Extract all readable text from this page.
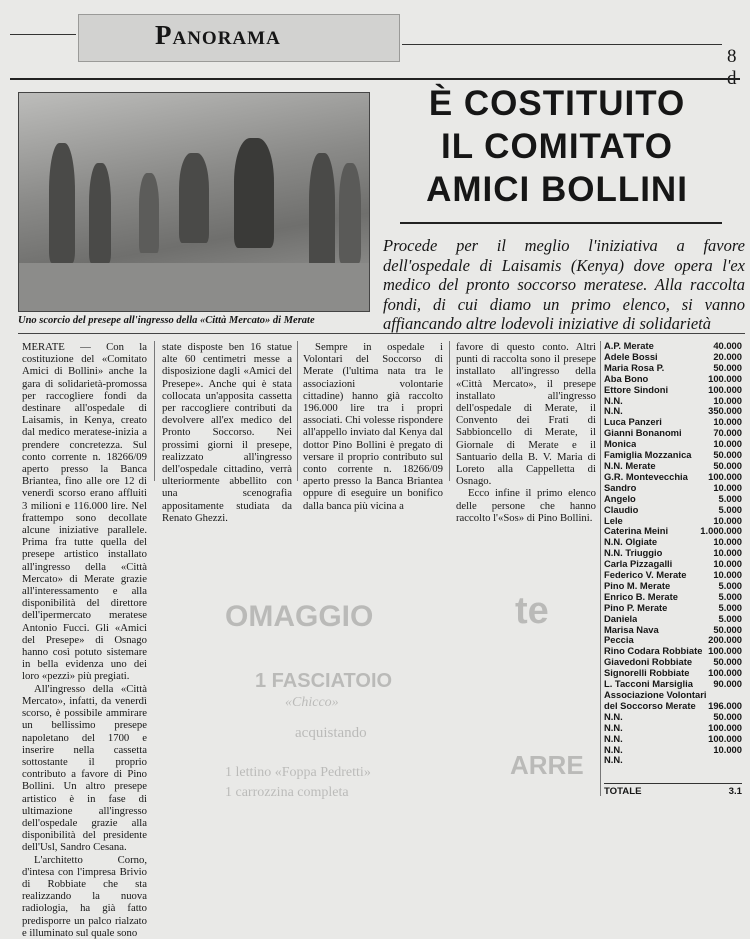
Panorama
8
Uno scorcio del presepe all'ingresso della «Città Mercato» di Merate
È COSTITUITO
IL COMITATO
AMICI BOLLINI
Procede per il meglio l'iniziativa a favore dell'ospedale di Laisamis (Kenya) dove opera l'ex medico del pronto soccorso meratese. Alla raccolta fondi, di cui diamo un primo elenco, si vanno affiancando altre lodevoli iniziative di solidarietà
OMAGGIO	te
1 FASCIATOIO
«Chicco»
acquistando
ARRE
1 lettino «Foppa Pedretti»
1 carrozzina completa

MERATE — Con la costituzione del «Comitato Amici di Bollini» anche la gara di solidarietà-promossa per raccogliere fondi da destinare all'ospedale di Laisamis, in Kenya, creato dal medico meratese-inizia a prendere concretezza. Sul conto corrente n. 18266/09 aperto presso la Banca Briantea, fino alle ore 12 di venerdì scorso erano affluiti 3 milioni e 116.000 lire. Nel frattempo sono decollate alcune iniziative parallele. Prima fra tutte quella del presepe artistico installato all'ingresso della «Città Mercato» di Merate grazie all'interessamento e alla disponibilità del direttore dell'ipermercato meratese Antonio Fucci. Gli «Amici del Presepe» di Osnago hanno così potuto sistemare in bella evidenza uno dei loro «pezzi» più pregiati.

All'ingresso della «Città Mercato», infatti, da venerdì scorso, è possibile ammirare un bellissimo presepe napoletano del 1700 e inserire nella cassetta sottostante il proprio contributo a favore di Pino Bollini. Un altro presepe artistico è in fase di ultimazione all'ingresso dell'ospedale grazie alla disponibilità del presidente dell'Usl, Sandro Cesana.

L'architetto Corno, d'intesa con l'impresa Brivio di Robbiate che sta realizzando la nuova radiologia, ha già fatto predisporre un palco rialzato e illuminato sul quale sono

state disposte ben 16 statue alte 60 centimetri messe a disposizione dagli «Amici del Presepe». Anche qui è stata collocata un'apposita cassetta per raccogliere contributi da devolvere all'ex medico del Pronto Soccorso. Nei prossimi giorni il presepe, realizzato all'ingresso dell'ospedale cittadino, verrà ulteriormente abbellito con una scenografia appositamente studiata da Renato Ghezzi.

Sempre in ospedale i Volontari del Soccorso di Merate (l'ultima nata tra le associazioni volontarie cittadine) hanno già raccolto 196.000 lire tra i propri associati. Chi volesse rispondere all'appello inviato dal Kenya dal dottor Pino Bollini è pregato di versare il proprio contributo sul conto corrente n. 18266/09 aperto presso la Banca Briantea oppure di eseguire un bonifico dalla banca più vicina a

favore di questo conto. Altri punti di raccolta sono il presepe installato all'ingresso della «Città Mercato», il presepe installato all'ingresso dell'ospedale di Merate, il Convento dei Frati di Sabbioncello di Merate, il Giornale di Merate e il Santuario della B. V. Maria di Loreto alla Cappelletta di Osnago.

Ecco infine il primo elenco delle persone che hanno raccolto l'«Sos» di Pino Bollini.

A.P. Merate	40.000
Adele Bossi	20.000
Maria Rosa P.	50.000
Aba Bono	100.000
Ettore Sindoni	100.000
N.N.	10.000
N.N.	350.000
Luca Panzeri	10.000
Gianni Bonanomi	70.000
Monica	10.000
Famiglia Mozzanica 50.000
N.N. Merate	50.000
G.R. Montevecchia 100.000
Sandro	10.000
Angelo	5.000
Claudio	5.000
Lele	10.000
Caterina Meini	1.000.000
N.N. Olgiate	10.000
N.N. Triuggio	10.000
Carla Pizzagalli	10.000
Federico V. Merate	10.000
Pino M. Merate	5.000
Enrico B. Merate	5.000
Pino P. Merate	5.000
Daniela	5.000
Marisa Nava	50.000
Peccia	200.000
Rino Codara Robbiate 100.000
Giavedoni Robbiate 50.000
Signorelli Robbiate 100.000
L. Tacconi Marsiglia 90.000
Associazione Volontari
del Soccorso Merate 196.000
N.N.	50.000
N.N.	100.000
N.N.	100.000
N.N.	10.000
N.N.
TOTALE	3.1
